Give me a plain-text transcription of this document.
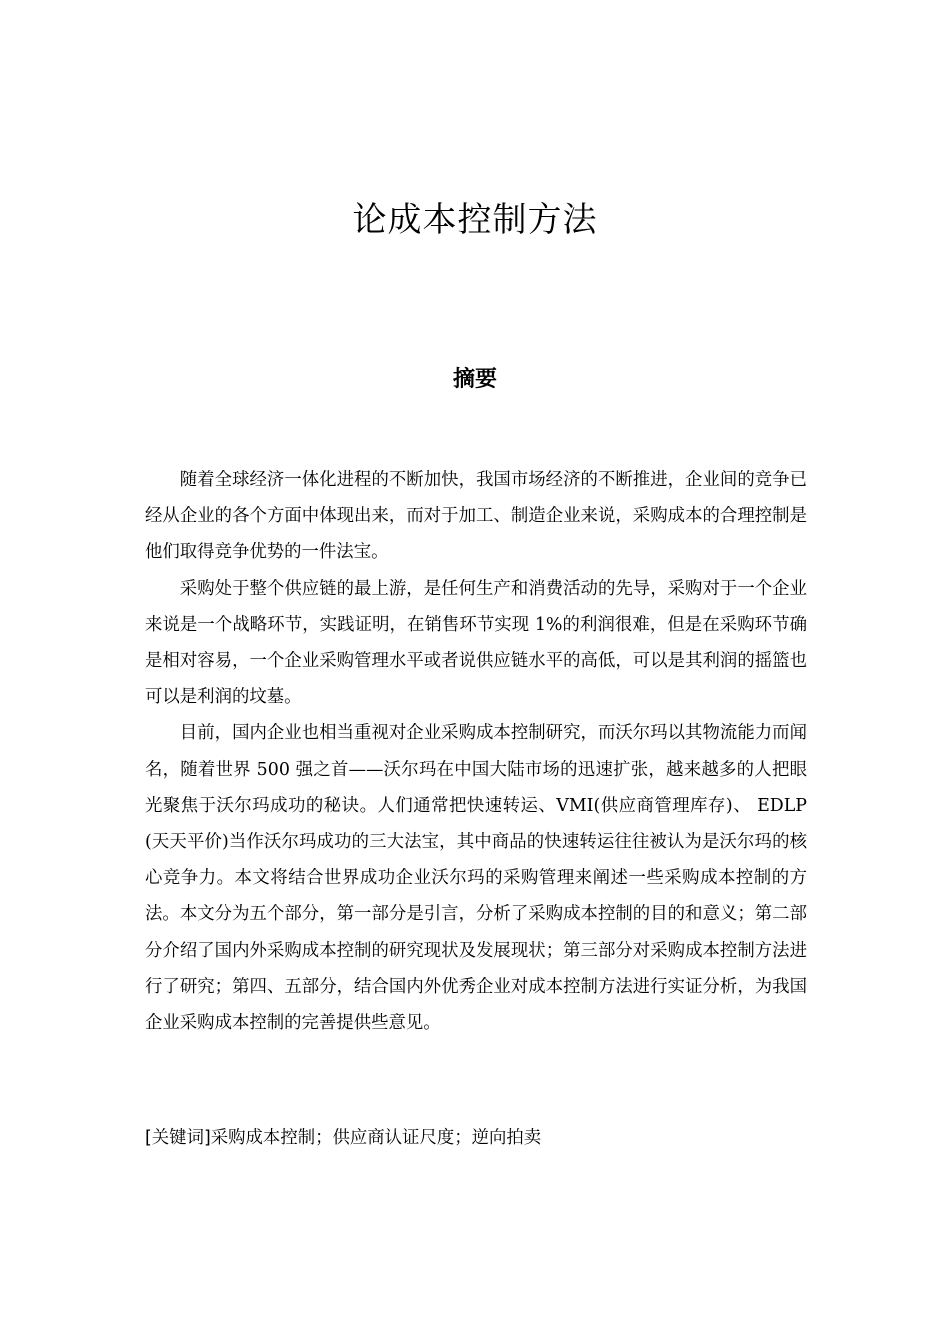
论成本控制方法
摘要

随着全球经济一体化进程的不断加快，我国市场经济的不断推进，企业间的竞争已经从企业的各个方面中体现出来，而对于加工、制造企业来说，采购成本的合理控制是他们取得竞争优势的一件法宝。

采购处于整个供应链的最上游，是任何生产和消费活动的先导，采购对于一个企业来说是一个战略环节，实践证明，在销售环节实现 1%的利润很难，但是在采购环节确是相对容易，一个企业采购管理水平或者说供应链水平的高低，可以是其利润的摇篮也可以是利润的坟墓。

目前，国内企业也相当重视对企业采购成本控制研究，而沃尔玛以其物流能力而闻名，随着世界 500 强之首——沃尔玛在中国大陆市场的迅速扩张，越来越多的人把眼光聚焦于沃尔玛成功的秘诀。人们通常把快速转运、VMI(供应商管理库存)、 EDLP(天天平价)当作沃尔玛成功的三大法宝，其中商品的快速转运往往被认为是沃尔玛的核心竞争力。本文将结合世界成功企业沃尔玛的采购管理来阐述一些采购成本控制的方法。本文分为五个部分，第一部分是引言，分析了采购成本控制的目的和意义；第二部分介绍了国内外采购成本控制的研究现状及发展现状；第三部分对采购成本控制方法进行了研究；第四、五部分，结合国内外优秀企业对成本控制方法进行实证分析，为我国企业采购成本控制的完善提供些意见。

[关键词]采购成本控制；供应商认证尺度；逆向拍卖
